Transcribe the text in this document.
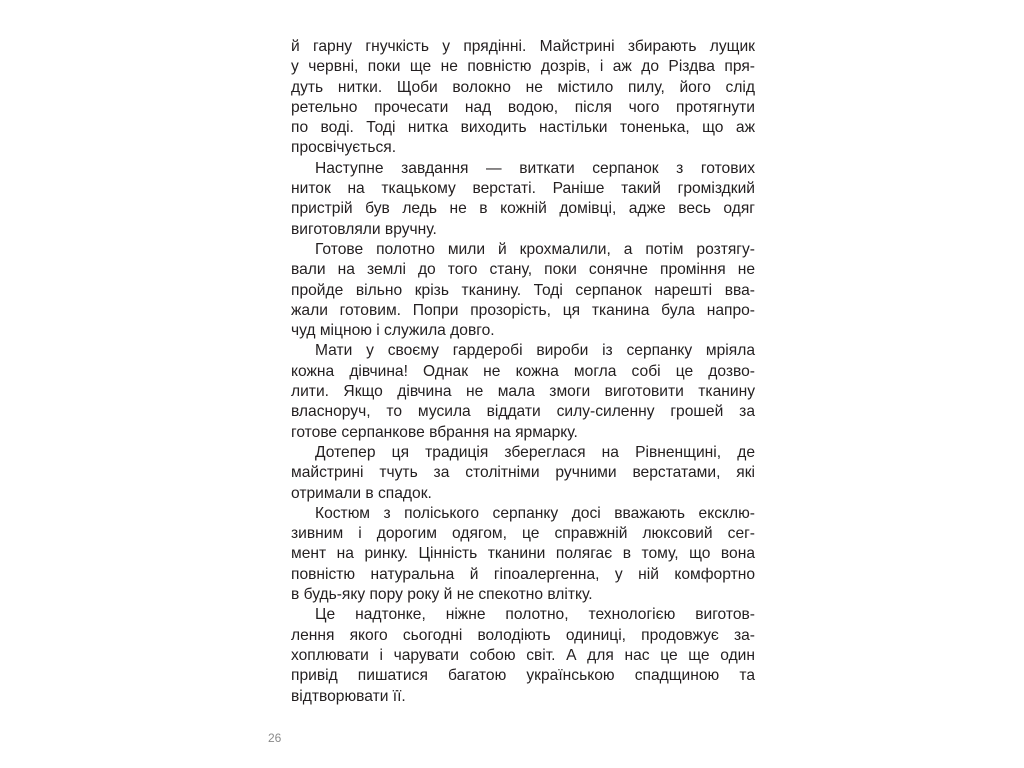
й гарну гнучкість у прядінні. Майстрині збирають лущик
у червні, поки ще не повністю дозрів, і аж до Різдва пря-
дуть нитки. Щоби волокно не містило пилу, його слід
ретельно прочесати над водою, після чого протягнути
по воді. Тоді нитка виходить настільки тоненька, що аж
просвічується.
Наступне завдання — виткати серпанок з готових
ниток на ткацькому верстаті. Раніше такий громіздкий
пристрій був ледь не в кожній домівці, адже весь одяг
виготовляли вручну.
Готове полотно мили й крохмалили, а потім розтягу-
вали на землі до того стану, поки сонячне проміння не
пройде вільно крізь тканину. Тоді серпанок нарешті вва-
жали готовим. Попри прозорість, ця тканина була напро-
чуд міцною і служила довго.
Мати у своєму гардеробі вироби із серпанку мріяла
кожна дівчина! Однак не кожна могла собі це дозво-
лити. Якщо дівчина не мала змоги виготовити тканину
власноруч, то мусила віддати силу-силенну грошей за
готове серпанкове вбрання на ярмарку.
Дотепер ця традиція збереглася на Рівненщині, де
майстрині тчуть за столітніми ручними верстатами, які
отримали в спадок.
Костюм з поліського серпанку досі вважають ексклю-
зивним і дорогим одягом, це справжній люксовий сег-
мент на ринку. Цінність тканини полягає в тому, що вона
повністю натуральна й гіпоалергенна, у ній комфортно
в будь-яку пору року й не спекотно влітку.
Це надтонке, ніжне полотно, технологією виготов-
лення якого сьогодні володіють одиниці, продовжує за-
хоплювати і чарувати собою світ. А для нас це ще один
привід пишатися багатою українською спадщиною та
відтворювати її.
26
